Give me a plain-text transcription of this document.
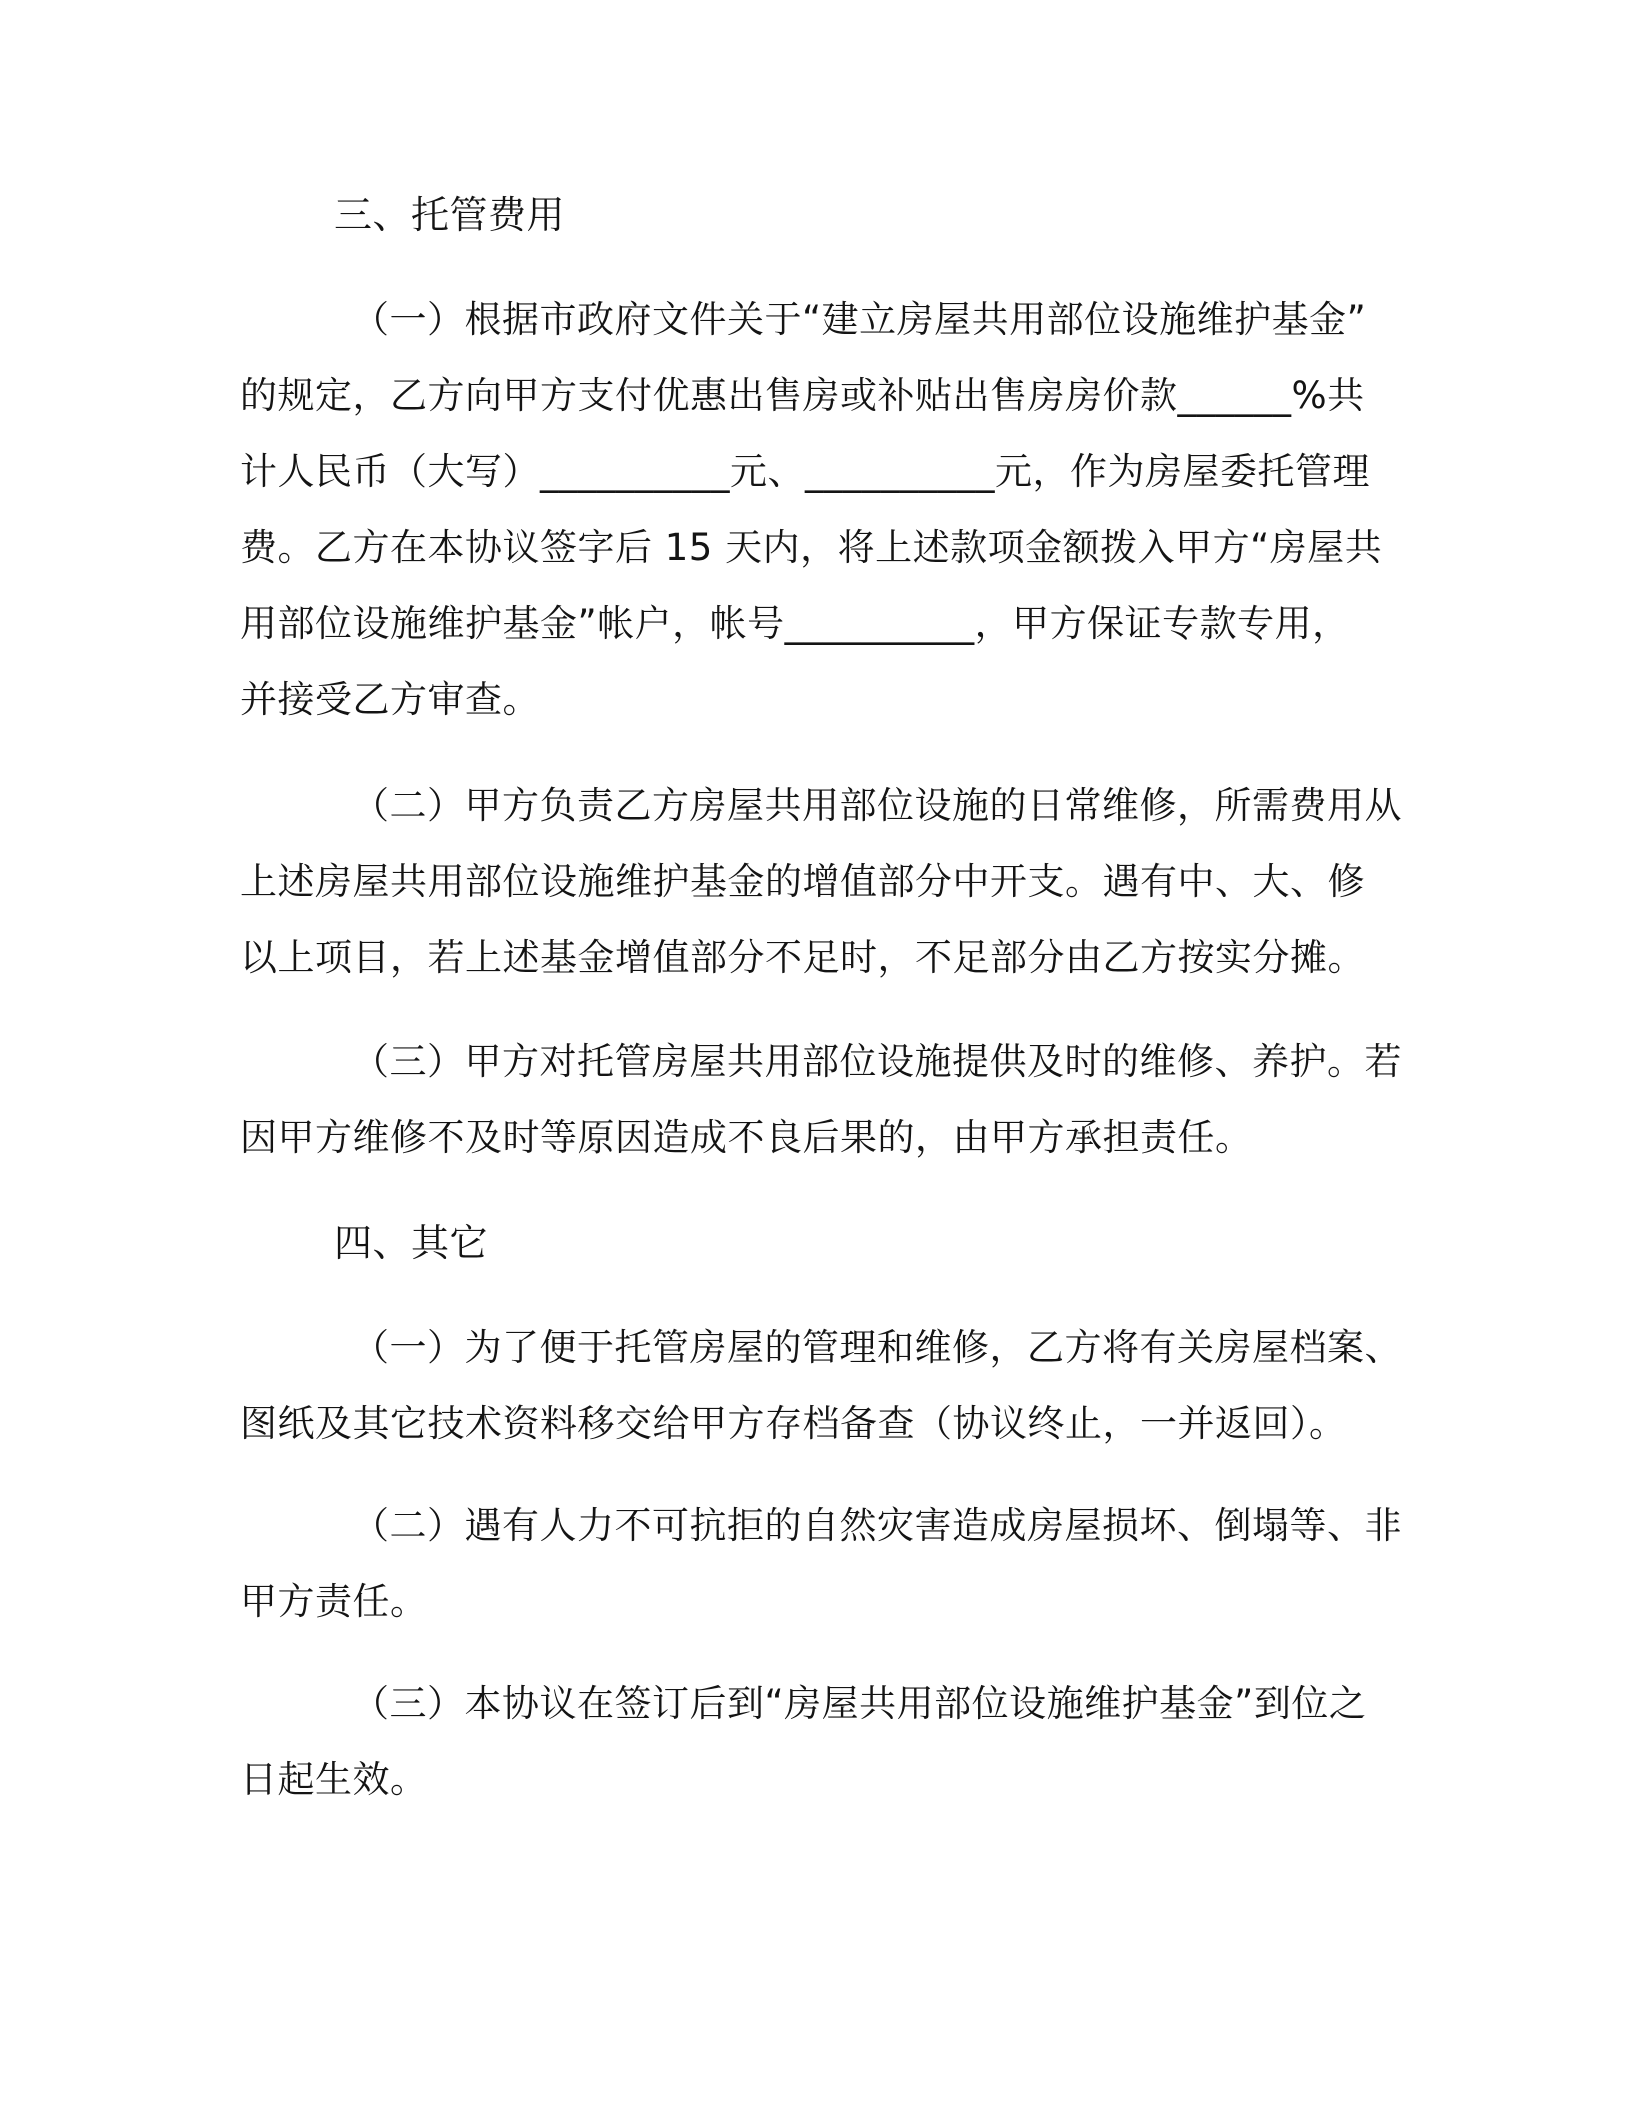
三、托管费用
（一）根据市政府文件关于“建立房屋共用部位设施维护基金”
的规定，乙方向甲方支付优惠出售房或补贴出售房房价款______%共
计人民币（大写）__________元、__________元，作为房屋委托管理
费。乙方在本协议签字后 15 天内，将上述款项金额拨入甲方“房屋共
用部位设施维护基金”帐户，帐号__________，甲方保证专款专用，
并接受乙方审查。
（二）甲方负责乙方房屋共用部位设施的日常维修，所需费用从
上述房屋共用部位设施维护基金的增值部分中开支。遇有中、大、修
以上项目，若上述基金增值部分不足时，不足部分由乙方按实分摊。
（三）甲方对托管房屋共用部位设施提供及时的维修、养护。若
因甲方维修不及时等原因造成不良后果的，由甲方承担责任。
四、其它
（一）为了便于托管房屋的管理和维修，乙方将有关房屋档案、
图纸及其它技术资料移交给甲方存档备查（协议终止，一并返回）。
（二）遇有人力不可抗拒的自然灾害造成房屋损坏、倒塌等、非
甲方责任。
（三）本协议在签订后到“房屋共用部位设施维护基金”到位之
日起生效。
